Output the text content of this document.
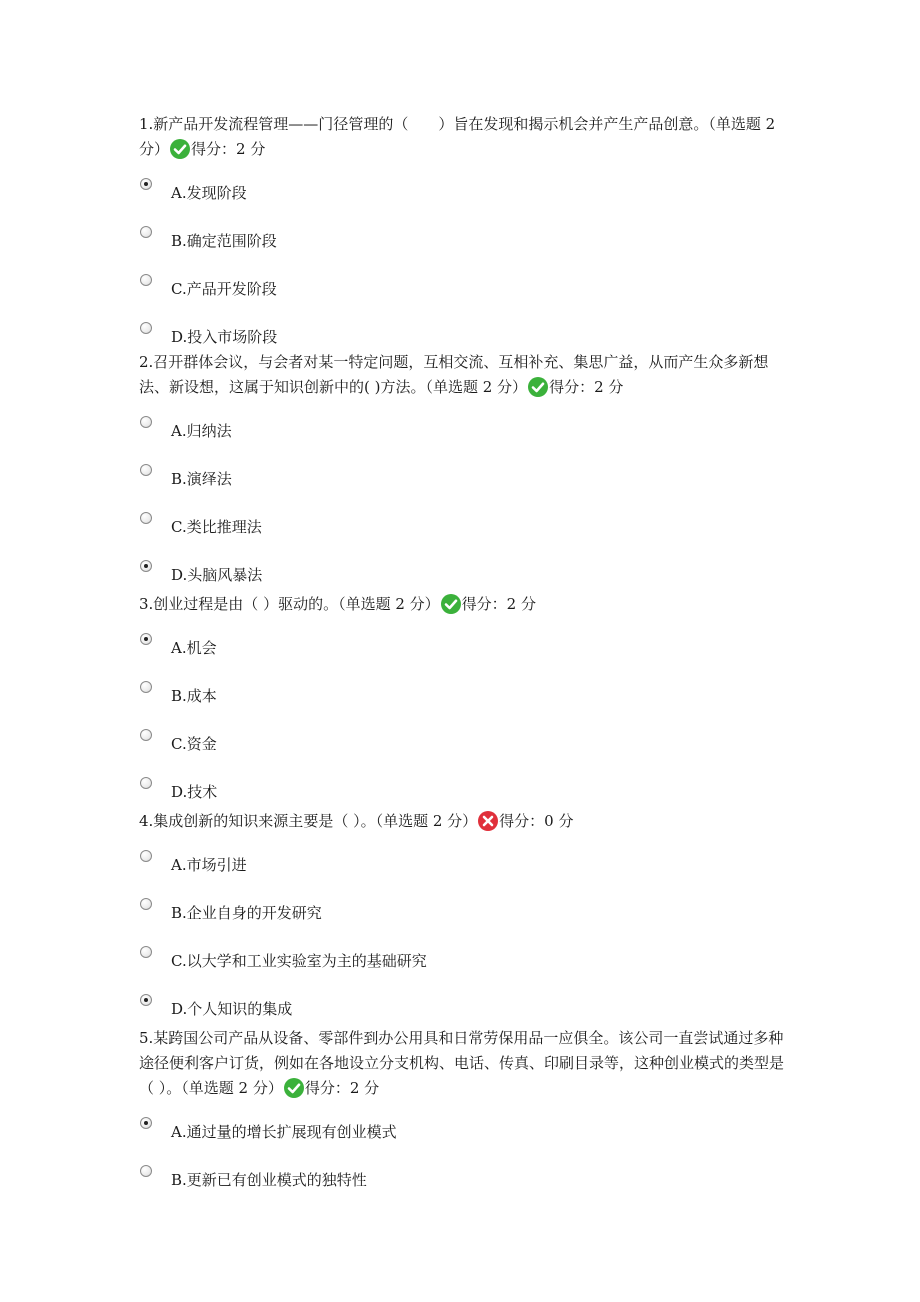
1.新产品开发流程管理——门径管理的（　　）旨在发现和揭示机会并产生产品创意。（单选题 2 分） 得分：2 分

A.发现阶段
B.确定范围阶段
C.产品开发阶段
D.投入市场阶段

2.召开群体会议，与会者对某一特定问题，互相交流、互相补充、集思广益，从而产生众多新想法、新设想，这属于知识创新中的( )方法。（单选题 2 分） 得分：2 分

A.归纳法
B.演绎法
C.类比推理法
D.头脑风暴法

3.创业过程是由（ ）驱动的。（单选题 2 分） 得分：2 分

A.机会
B.成本
C.资金
D.技术

4.集成创新的知识来源主要是（ ）。（单选题 2 分） 得分：0 分

A.市场引进
B.企业自身的开发研究
C.以大学和工业实验室为主的基础研究
D.个人知识的集成

5.某跨国公司产品从设备、零部件到办公用具和日常劳保用品一应俱全。该公司一直尝试通过多种途径便利客户订货，例如在各地设立分支机构、电话、传真、印刷目录等，这种创业模式的类型是（ ）。（单选题 2 分） 得分：2 分

A.通过量的增长扩展现有创业模式
B.更新已有创业模式的独特性
